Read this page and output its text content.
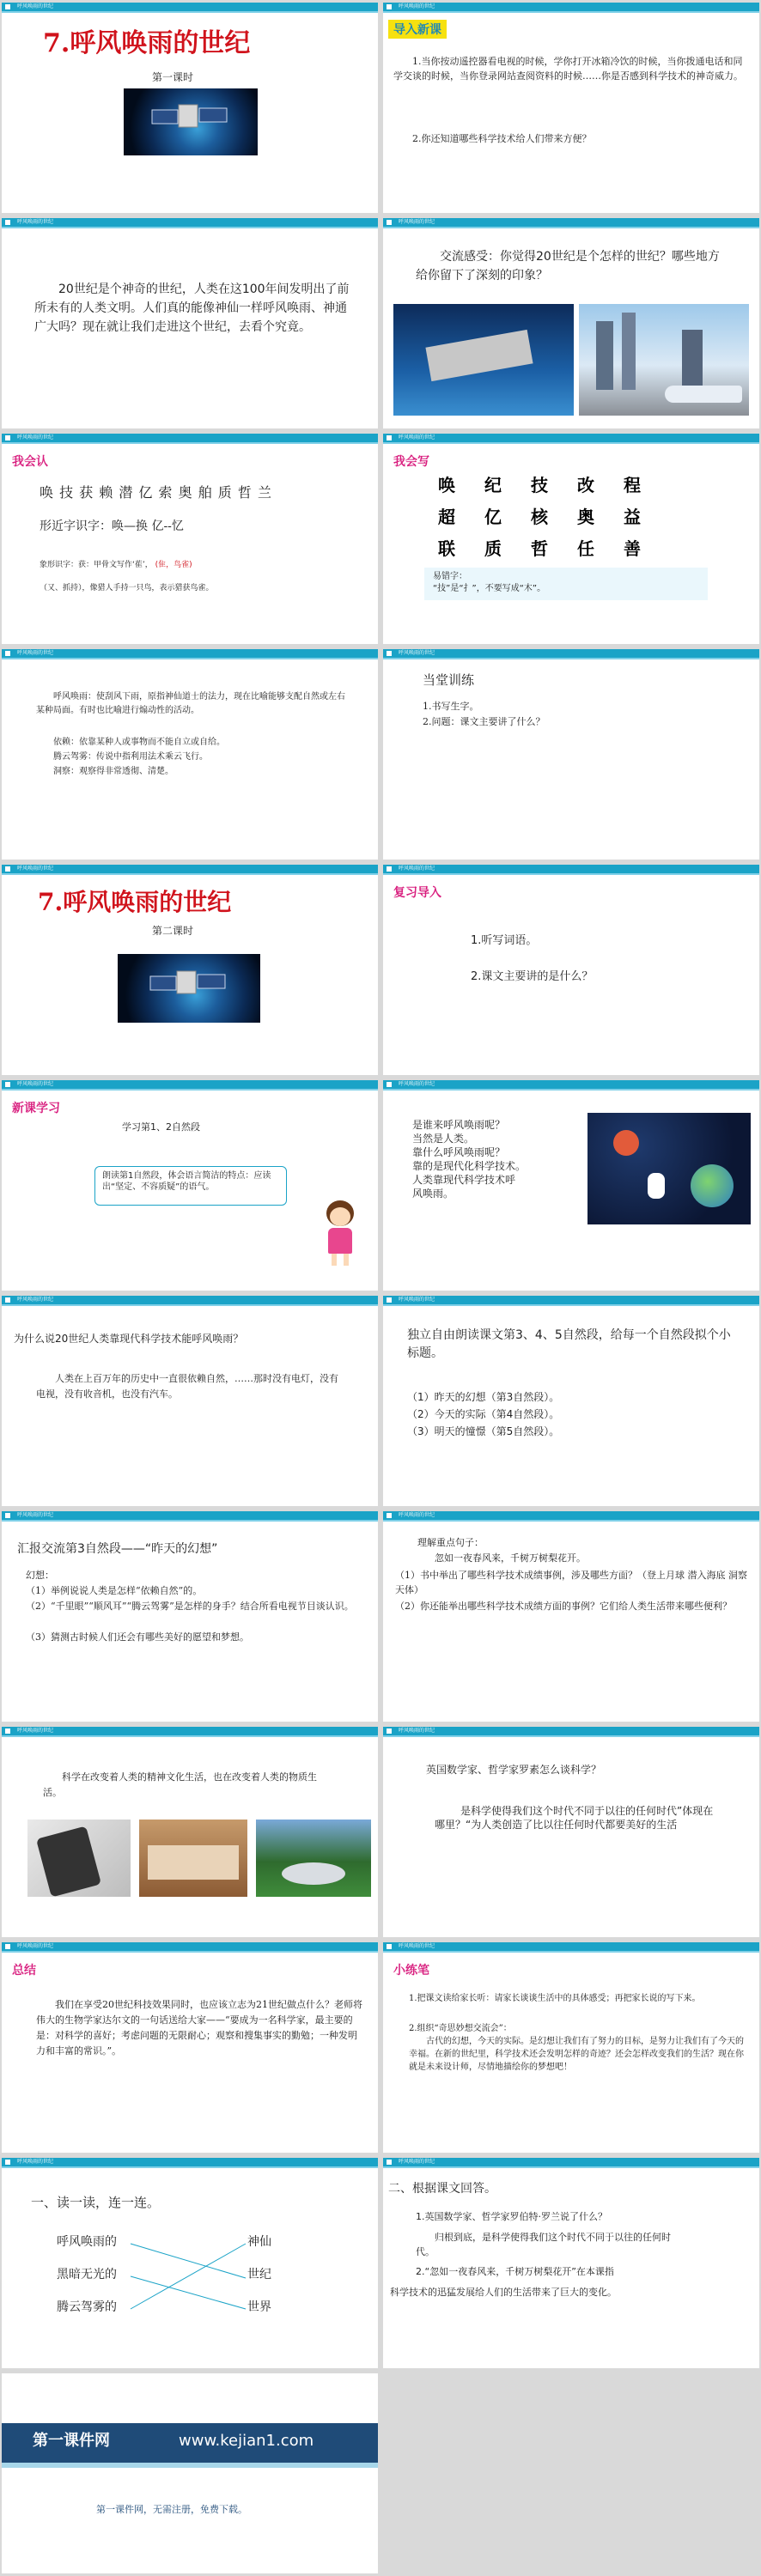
呼风唤雨的世纪
7.呼风唤雨的世纪
第一课时
呼风唤雨的世纪
导入新课
1.当你按动遥控器看电视的时候，学你打开冰箱冷饮的时候，当你拨通电话和同学交谈的时候，当你登录网站查阅资料的时候……你是否感到科学技术的神奇威力。
2.你还知道哪些科学技术给人们带来方便？
呼风唤雨的世纪
20世纪是个神奇的世纪，人类在这100年间发明出了前所未有的人类文明。人们真的能像神仙一样呼风唤雨、神通广大吗？现在就让我们走进这个世纪，去看个究竟。
呼风唤雨的世纪
交流感受：你觉得20世纪是个怎样的世纪？哪些地方给你留下了深刻的印象？
呼风唤雨的世纪
我会认
唤 技 获 赖 潜 亿 索 奥 舶 质 哲 兰
形近字识字：唤—换 亿--忆
象形识字：获：甲骨文写作‘萑’， (隹，鸟雀)
（又、抓持），像猎人手持一只鸟，表示猎获鸟雀。
呼风唤雨的世纪
我会写
唤 纪 技 改 程
超 亿 核 奥 益
联 质 哲 任 善
易错字：
“技”是“扌”，不要写成“木”。
呼风唤雨的世纪
呼风唤雨：使刮风下雨，原指神仙道士的法力，现在比喻能够支配自然或左右某种局面。有时也比喻进行煽动性的活动。
依赖：依靠某种人或事物而不能自立或自给。
腾云驾雾：传说中指利用法术乘云飞行。
洞察：观察得非常透彻、清楚。
呼风唤雨的世纪
当堂训练
1.书写生字。
2.问题：课文主要讲了什么？
呼风唤雨的世纪
7.呼风唤雨的世纪
第二课时
呼风唤雨的世纪
复习导入
1.听写词语。
2.课文主要讲的是什么？
呼风唤雨的世纪
新课学习
学习第1、2自然段
朗读第1自然段，体会语言简洁的特点：应读出“坚定、不容质疑”的语气。
呼风唤雨的世纪
是谁来呼风唤雨呢？
当然是人类。
靠什么呼风唤雨呢？
靠的是现代化科学技术。
人类靠现代科学技术呼
风唤雨。
呼风唤雨的世纪
为什么说20世纪人类靠现代科学技术能呼风唤雨？
人类在上百万年的历史中一直很依赖自然，……那时没有电灯，没有电视，没有收音机，也没有汽车。
呼风唤雨的世纪
独立自由朗读课文第3、4、5自然段，给每一个自然段拟个小标题。
（1）昨天的幻想（第3自然段）。
（2）今天的实际（第4自然段）。
（3）明天的憧憬（第5自然段）。
呼风唤雨的世纪
汇报交流第3自然段——“昨天的幻想”
幻想：
（1）举例说说人类是怎样“依赖自然”的。
（2）“千里眼”“顺风耳”“腾云驾雾”是怎样的身手？结合所看电视节目谈认识。
（3）猜测古时候人们还会有哪些美好的愿望和梦想。
呼风唤雨的世纪
理解重点句子：
忽如一夜春风来，千树万树梨花开。
（1）书中举出了哪些科学技术成绩事例，涉及哪些方面？（登上月球 潜入海底 洞察天体）
（2）你还能举出哪些科学技术成绩方面的事例？它们给人类生活带来哪些便利？
呼风唤雨的世纪
科学在改变着人类的精神文化生活，也在改变着人类的物质生活。
呼风唤雨的世纪
英国数学家、哲学家罗素怎么谈科学？
是科学使得我们这个时代不同于以往的任何时代”体现在哪里？“为人类创造了比以往任何时代都要美好的生活
呼风唤雨的世纪
总结
我们在享受20世纪科技效果同时，也应该立志为21世纪做点什么？老师将伟大的生物学家达尔文的一句话送给大家——“要成为一名科学家，最主要的是：对科学的喜好；考虑问题的无限耐心；观察和搜集事实的勤勉；一种发明力和丰富的常识。”。
呼风唤雨的世纪
小练笔
1.把课文读给家长听：请家长谈谈生活中的具体感受；再把家长说的写下来。
2.组织“奇思妙想交流会”：
古代的幻想，今天的实际。是幻想让我们有了努力的目标，是努力让我们有了今天的幸福。在新的世纪里，科学技术还会发明怎样的奇迹？还会怎样改变我们的生活？现在你就是未来设计师，尽情地描绘你的梦想吧！
呼风唤雨的世纪
一、读一读，连一连。
呼风唤雨的
黑暗无光的
腾云驾雾的
神仙
世纪
世界
呼风唤雨的世纪
二、根据课文回答。
1.英国数学家、哲学家罗伯特·罗兰说了什么？
归根到底，是科学使得我们这个时代不同于以往的任何时代。
2.“忽如一夜春风来，千树万树梨花开”在本课指
科学技术的迅猛发展给人们的生活带来了巨大的变化。
第一课件网	www.kejian1.com
第一课件网，无需注册，免费下载。
